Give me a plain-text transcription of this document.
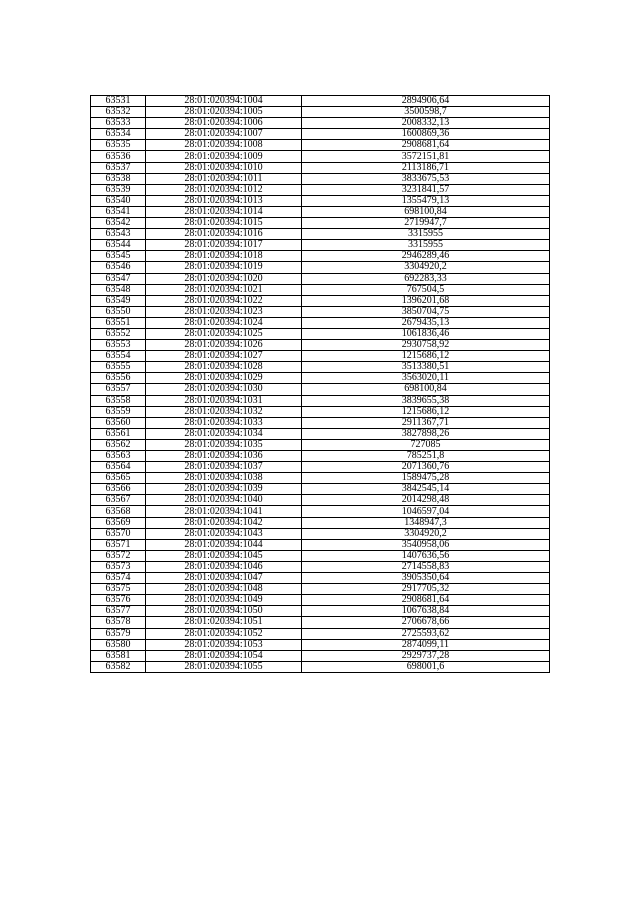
63531	28:01:020394:1004	2894906,64
63532	28:01:020394:1005	3500598,7
63533	28:01:020394:1006	2008332,13
63534	28:01:020394:1007	1600869,36
63535	28:01:020394:1008	2908681,64
63536	28:01:020394:1009	3572151,81
63537	28:01:020394:1010	2113186,71
63538	28:01:020394:1011	3833675,53
63539	28:01:020394:1012	3231841,57
63540	28:01:020394:1013	1355479,13
63541	28:01:020394:1014	698100,84
63542	28:01:020394:1015	2719947,7
63543	28:01:020394:1016	3315955
63544	28:01:020394:1017	3315955
63545	28:01:020394:1018	2946289,46
63546	28:01:020394:1019	3304920,2
63547	28:01:020394:1020	692283,33
63548	28:01:020394:1021	767504,5
63549	28:01:020394:1022	1396201,68
63550	28:01:020394:1023	3850704,75
63551	28:01:020394:1024	2679435,13
63552	28:01:020394:1025	1061836,46
63553	28:01:020394:1026	2930758,92
63554	28:01:020394:1027	1215686,12
63555	28:01:020394:1028	3513380,51
63556	28:01:020394:1029	3563020,11
63557	28:01:020394:1030	698100,84
63558	28:01:020394:1031	3839655,38
63559	28:01:020394:1032	1215686,12
63560	28:01:020394:1033	2911367,71
63561	28:01:020394:1034	3827898,26
63562	28:01:020394:1035	727085
63563	28:01:020394:1036	785251,8
63564	28:01:020394:1037	2071360,76
63565	28:01:020394:1038	1589475,28
63566	28:01:020394:1039	3842545,14
63567	28:01:020394:1040	2014298,48
63568	28:01:020394:1041	1046597,04
63569	28:01:020394:1042	1348947,3
63570	28:01:020394:1043	3304920,2
63571	28:01:020394:1044	3540958,06
63572	28:01:020394:1045	1407636,56
63573	28:01:020394:1046	2714558,83
63574	28:01:020394:1047	3905350,64
63575	28:01:020394:1048	2917705,32
63576	28:01:020394:1049	2908681,64
63577	28:01:020394:1050	1067638,84
63578	28:01:020394:1051	2706678,66
63579	28:01:020394:1052	2725593,62
63580	28:01:020394:1053	2874099,11
63581	28:01:020394:1054	2929737,28
63582	28:01:020394:1055	698001,6
